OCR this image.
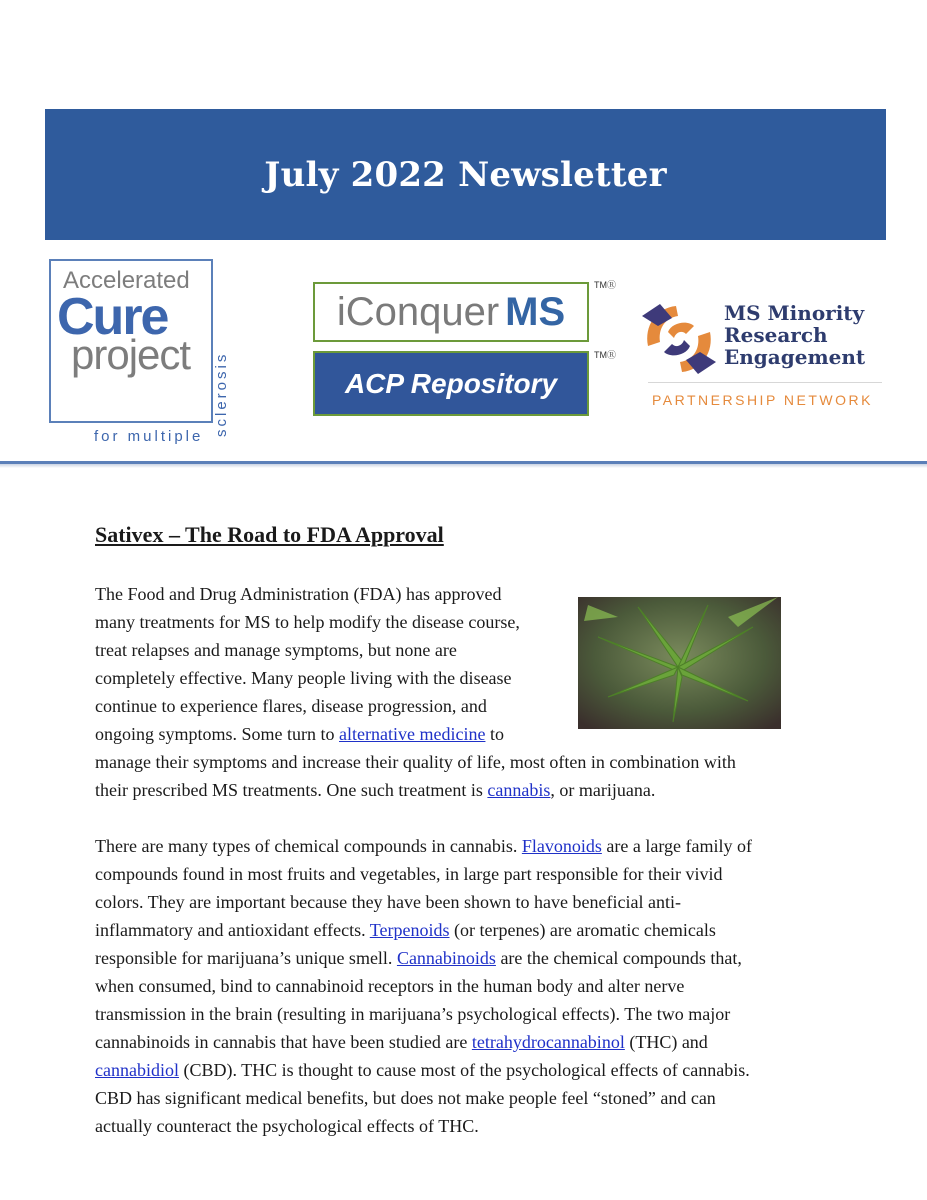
July 2022 Newsletter
Accelerated
Cure
project
for multiple sclerosis
iConquer MS
TMⓇ
ACP Repository
TMⓇ
MS Minority
Research
Engagement
PARTNERSHIP NETWORK
Sativex – The Road to FDA Approval

The Food and Drug Administration (FDA) has approved
many treatments for MS to help modify the disease course,
treat relapses and manage symptoms, but none are
completely effective. Many people living with the disease
continue to experience flares, disease progression, and
ongoing symptoms. Some turn to alternative medicine to
manage their symptoms and increase their quality of life, most often in combination with
their prescribed MS treatments. One such treatment is cannabis, or marijuana.

There are many types of chemical compounds in cannabis. Flavonoids are a large family of
compounds found in most fruits and vegetables, in large part responsible for their vivid
colors. They are important because they have been shown to have beneficial anti-
inflammatory and antioxidant effects. Terpenoids (or terpenes) are aromatic chemicals
responsible for marijuana’s unique smell. Cannabinoids are the chemical compounds that,
when consumed, bind to cannabinoid receptors in the human body and alter nerve
transmission in the brain (resulting in marijuana’s psychological effects). The two major
cannabinoids in cannabis that have been studied are tetrahydrocannabinol (THC) and
cannabidiol (CBD). THC is thought to cause most of the psychological effects of cannabis.
CBD has significant medical benefits, but does not make people feel “stoned” and can
actually counteract the psychological effects of THC.
